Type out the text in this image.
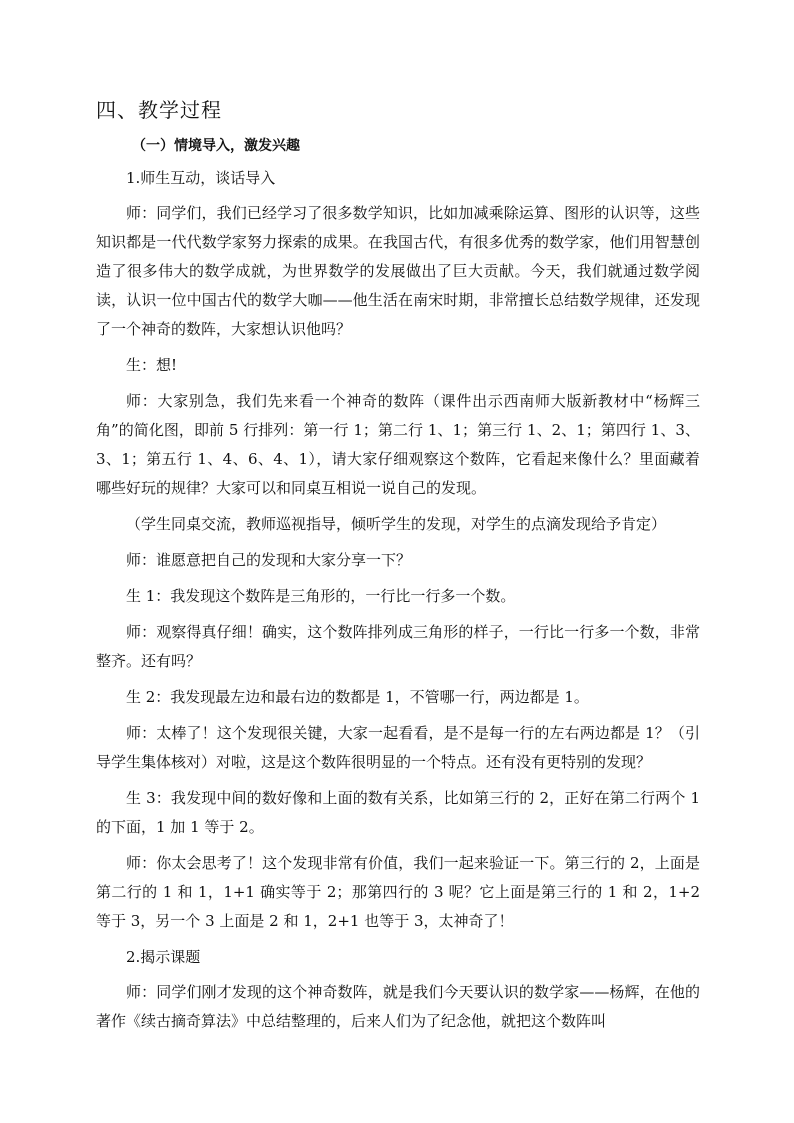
四、教学过程
（一）情境导入，激发兴趣

1.师生互动，谈话导入

师：同学们，我们已经学习了很多数学知识，比如加减乘除运算、图形的认识等，这些知识都是一代代数学家努力探索的成果。在我国古代，有很多优秀的数学家，他们用智慧创造了很多伟大的数学成就，为世界数学的发展做出了巨大贡献。今天，我们就通过数学阅读，认识一位中国古代的数学大咖——他生活在南宋时期，非常擅长总结数学规律，还发现了一个神奇的数阵，大家想认识他吗？

生：想!

师：大家别急，我们先来看一个神奇的数阵（课件出示西南师大版新教材中“杨辉三角”的简化图，即前 5 行排列：第一行 1；第二行 1、1；第三行 1、2、1；第四行 1、3、3、1；第五行 1、4、6、4、1），请大家仔细观察这个数阵，它看起来像什么？里面藏着哪些好玩的规律？大家可以和同桌互相说一说自己的发现。

（学生同桌交流，教师巡视指导，倾听学生的发现，对学生的点滴发现给予肯定）

师：谁愿意把自己的发现和大家分享一下？

生 1：我发现这个数阵是三角形的，一行比一行多一个数。

师：观察得真仔细！确实，这个数阵排列成三角形的样子，一行比一行多一个数，非常整齐。还有吗？

生 2：我发现最左边和最右边的数都是 1，不管哪一行，两边都是 1。

师：太棒了！这个发现很关键，大家一起看看，是不是每一行的左右两边都是 1？（引导学生集体核对）对啦，这是这个数阵很明显的一个特点。还有没有更特别的发现？

生 3：我发现中间的数好像和上面的数有关系，比如第三行的 2，正好在第二行两个 1 的下面，1 加 1 等于 2。

师：你太会思考了！这个发现非常有价值，我们一起来验证一下。第三行的 2，上面是第二行的 1 和 1，1+1 确实等于 2；那第四行的 3 呢？它上面是第三行的 1 和 2，1+2 等于 3，另一个 3 上面是 2 和 1，2+1 也等于 3，太神奇了！

2.揭示课题

师：同学们刚才发现的这个神奇数阵，就是我们今天要认识的数学家——杨辉，在他的著作《续古摘奇算法》中总结整理的，后来人们为了纪念他，就把这个数阵叫
